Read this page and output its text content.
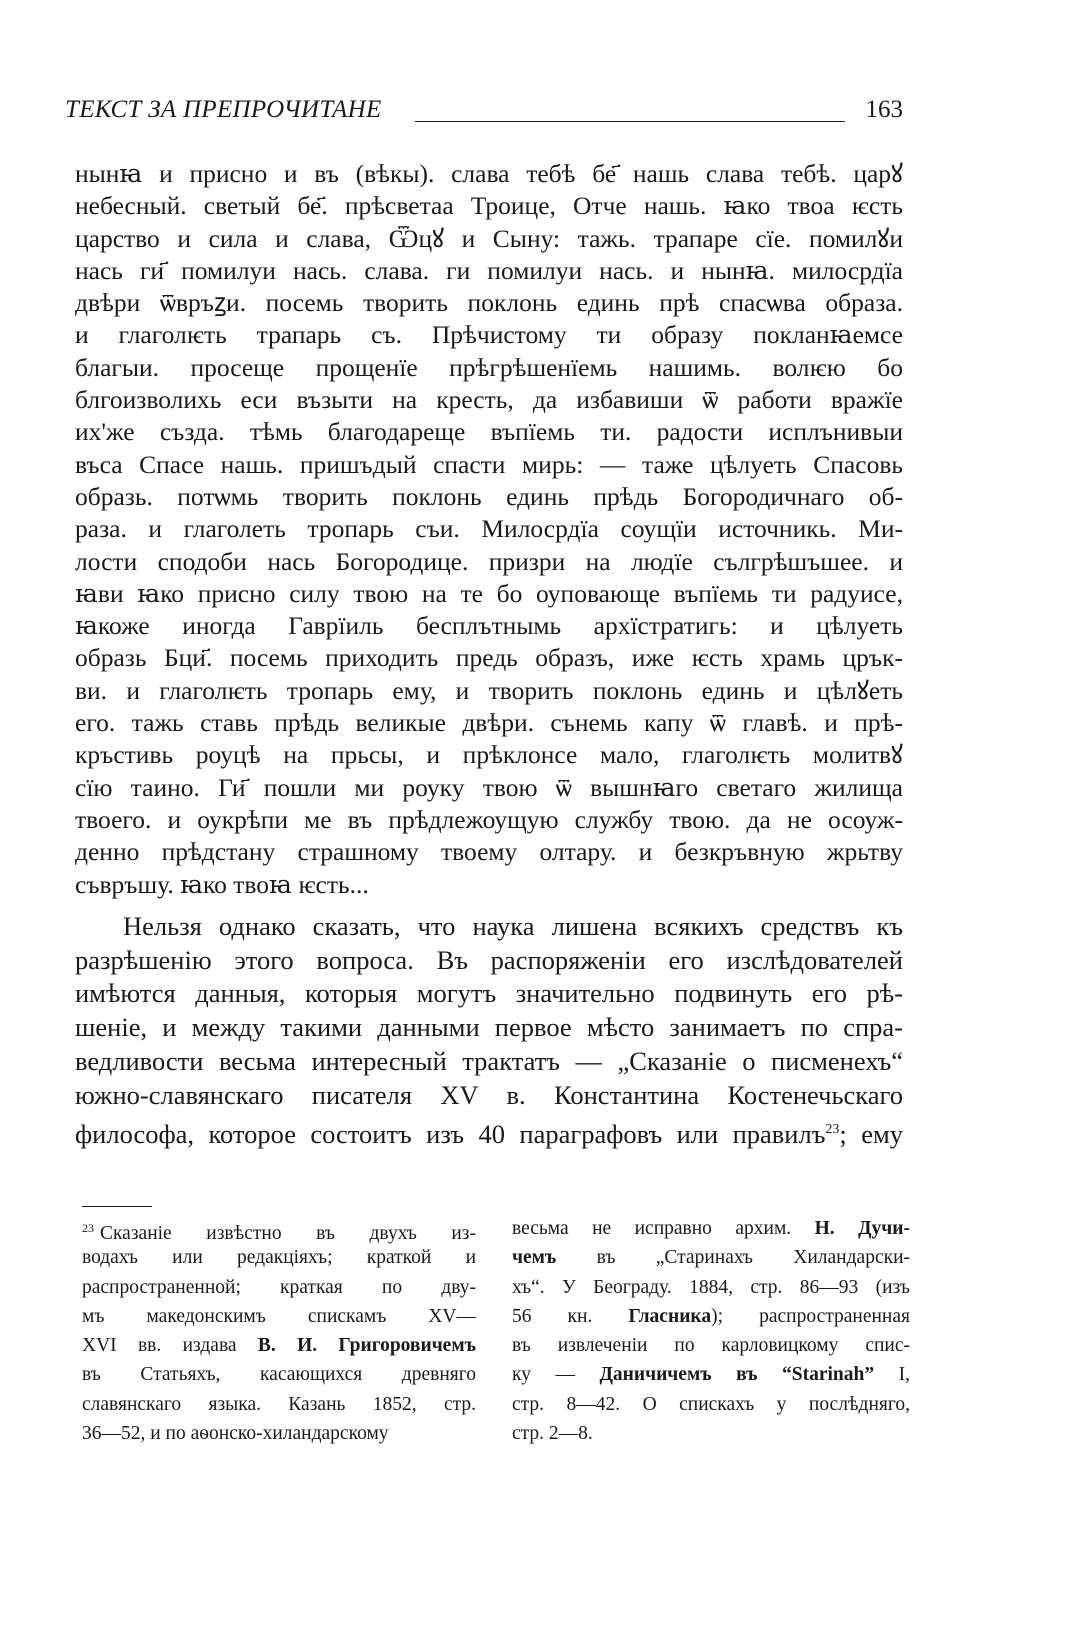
ТЕКСТ ЗА ПРЕПРОЧИТАНЕ	163
нынꙗ и присно и въ (вѣкы). слава тебѣ бе҃ нашь слава тебѣ. царꙋ
небесный. светый бе҃. прѣсветаа Троице, Отче нашь. ꙗко твоа ѥсть
царство и сила и слава, Ѿцꙋ и Сыну: тажь. трапаре сїе. помилꙋи
нась ги҃ помилуи нась. слава. ги помилуи нась. и нынꙗ. милосрдїа
двѣри ѿвръꙁи. посемь творить поклонь единь прѣ спасѡва образа.
и глаголѥть трапарь съ. Прѣчистому ти образу покланꙗемсе
благыи. просеще прощенїе прѣгрѣшенїемь нашимь. волѥю бо
блгоизволихь еси възыти на кресть, да избавиши ѿ работи вражїе
их'же създа. тѣмь благодареще въпїемь ти. радости исплънивыи
въса Спасе нашь. пришъдый спасти мирь: — таже цѣлуеть Спасовь
образь. потѡмь творить поклонь единь прѣдь Богородичнаго об-
раза. и глаголеть тропарь съи. Милосрдїа соущїи источникь. Ми-
лости сподоби нась Богородице. призри на людїе сългрѣшъшее. и
ꙗви ꙗко присно силу твою на те бо оуповающе въпїемь ти радуисе,
ꙗкоже иногда Гаврїиль бесплътнымь архїстратигь: и цѣлуеть
образь Бци҃. посемь приходить предь образъ, иже ѥсть храмь црък-
ви. и глаголѥть тропарь ему, и творить поклонь единь и цѣлꙋеть
его. тажь ставь прѣдь великые двѣри. сънемь капу ѿ главѣ. и прѣ-
кръстивь роуцѣ на прьсы, и прѣклонсе мало, глаголѥть молитвꙋ
сїю таино. Ги҃ пошли ми роуку твою ѿ вышнꙗго светаго жилища
твоего. и оукрѣпи ме въ прѣдлежоущую службу твою. да не осоуж-
денно прѣдстану страшному твоему олтару. и безкръвную жрьтву
съвръшу. ꙗко твоꙗ ѥсть...
Нельзя однако сказать, что наука лишена всякихъ средствъ къ
разрѣшенію этого вопроса. Въ распоряженіи его изслѣдователей
имѣются данныя, которыя могутъ значительно подвинуть его рѣ-
шеніе, и между такими данными первое мѣсто занимаетъ по спра-
ведливости весьма интересный трактатъ — „Сказаніе о писменехъ“
южно-славянскаго писателя XV в. Константина Костенечьскаго
философа, которое состоитъ изъ 40 параграфовъ или правилъ$^{23}$; ему
$^{23}$ Сказаніе извѣстно въ двухъ из-
водахъ или редакціяхъ; краткой и
распространенной; краткая по дву-
мъ македонскимъ спискамъ XV—
XVI вв. издава В. И. Григоровичемъ
въ Статьяхъ, касающихся древняго
славянскаго языка. Казань 1852, стр.
36—52, и по аѳонско-хиландарскому
весьма не исправно архим. Н. Дучи-
чемъ въ „Старинахъ Хиландарски-
хъ“. У Београду. 1884, стр. 86—93 (изъ
56 кн. Гласника); распространенная
въ извлеченіи по карловицкому спис-
ку — Даничичемъ въ “Starinah” I,
стр. 8—42. О спискахъ у послѣдняго,
стр. 2—8.
